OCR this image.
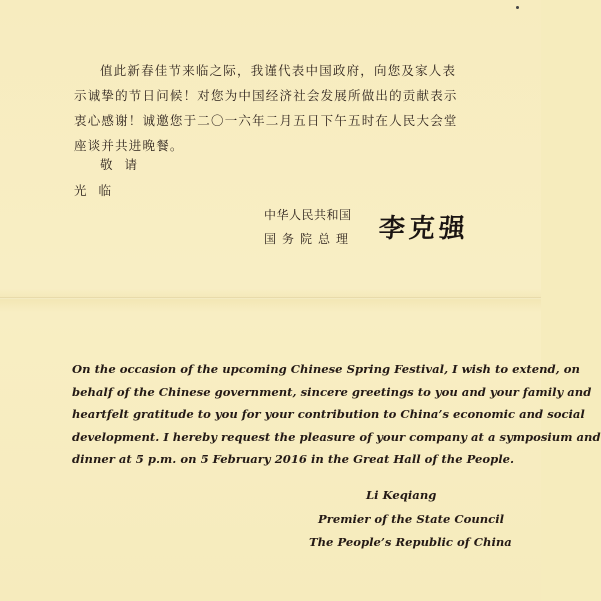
值此新春佳节来临之际，我谨代表中国政府，向您及家人表
示诚挚的节日问候！对您为中国经济社会发展所做出的贡献表示
衷心感谢！诚邀您于二〇一六年二月五日下午五时在人民大会堂
座谈并共进晚餐。
敬请
光临
中华人民共和国
国务院总理 李克强
On the occasion of the upcoming Chinese Spring Festival, I wish to extend, on
behalf of the Chinese government, sincere greetings to you and your family and
heartfelt gratitude to you for your contribution to China’s economic and social
development. I hereby request the pleasure of your company at a symposium and
dinner at 5 p.m. on 5 February 2016 in the Great Hall of the People.
Li Keqiang
Premier of the State Council
The People’s Republic of China
